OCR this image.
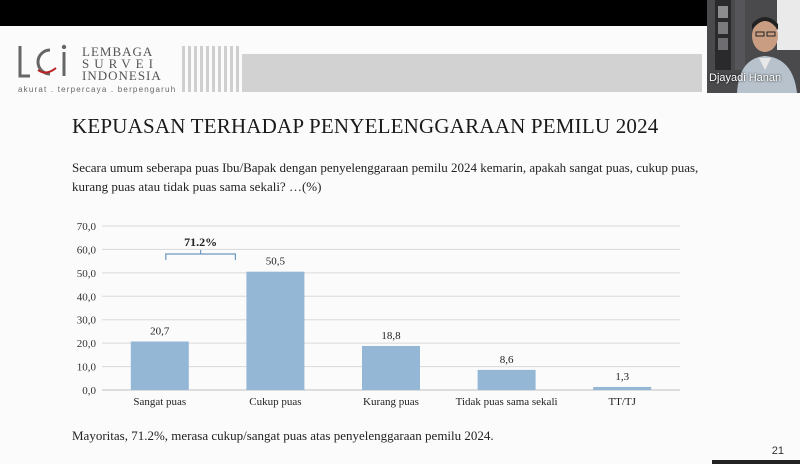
LEMBAGA
SURVEI
INDONESIA
akurat . terpercaya . berpengaruh
KEPUASAN TERHADAP PENYELENGGARAAN PEMILU 2024
Secara umum seberapa puas Ibu/Bapak dengan penyelenggaraan pemilu 2024 kemarin, apakah sangat puas, cukup puas, kurang puas atau tidak puas sama sekali? …(%)
0,0
10,0
20,0
30,0
40,0
50,0
60,0
70,0
20,7
Sangat puas
50,5
Cukup puas
18,8
Kurang puas
8,6
Tidak puas sama sekali
1,3
TT/TJ
71.2%
Mayoritas, 71.2%, merasa cukup/sangat puas atas penyelenggaraan pemilu 2024.
21
Djayadi Hanan
